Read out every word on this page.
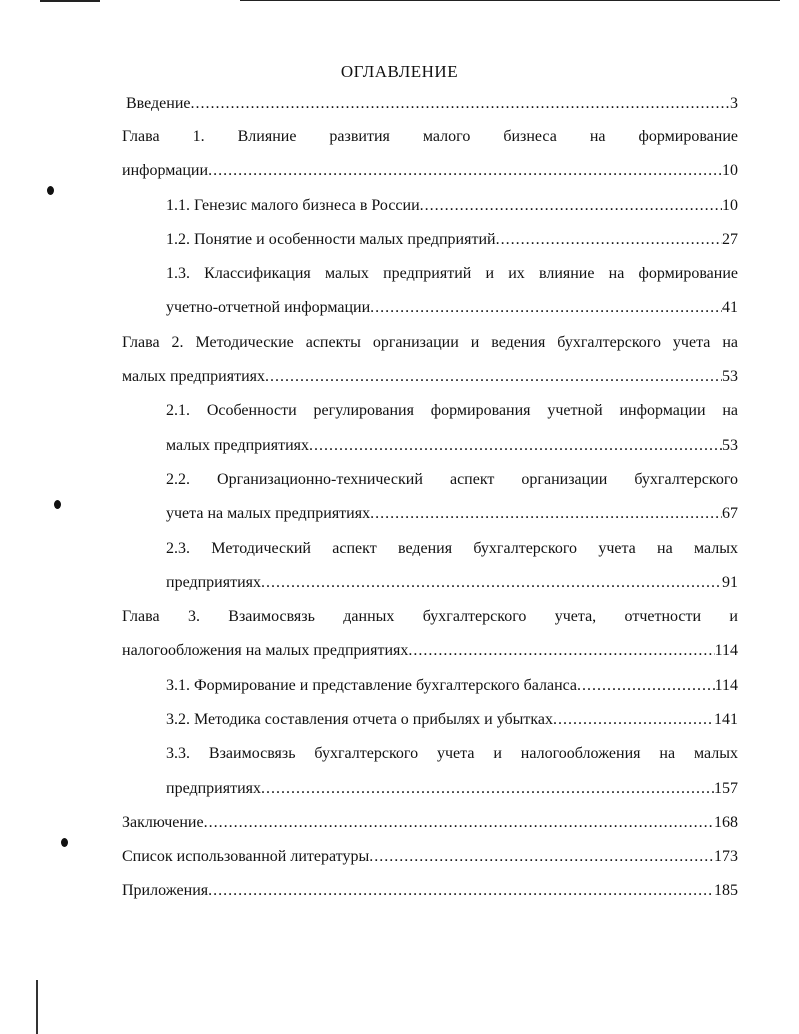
ОГЛАВЛЕНИЕ
Введение .....	3
Глава 1. Влияние развития малого бизнеса на формирование
информации .....	10
1.1. Генезис малого бизнеса в России .....	10
1.2. Понятие и особенности малых предприятий .....	27
1.3. Классификация малых предприятий и их влияние на формирование
учетно-отчетной информации .....	41
Глава 2. Методические аспекты организации и ведения бухгалтерского учета на
малых предприятиях .....	53
2.1. Особенности регулирования формирования учетной информации на
малых предприятиях .....	53
2.2. Организационно-технический аспект организации бухгалтерского
учета на малых предприятиях .....	67
2.3. Методический аспект ведения бухгалтерского учета на малых
предприятиях .....	91
Глава 3. Взаимосвязь данных бухгалтерского учета, отчетности и
налогообложения на малых предприятиях .....	114
3.1. Формирование и представление бухгалтерского баланса .....	114
3.2. Методика составления отчета о прибылях и убытках .....	141
3.3. Взаимосвязь бухгалтерского учета и налогообложения на малых
предприятиях .....	157
Заключение .....	168
Список использованной литературы .....	173
Приложения .....	185
